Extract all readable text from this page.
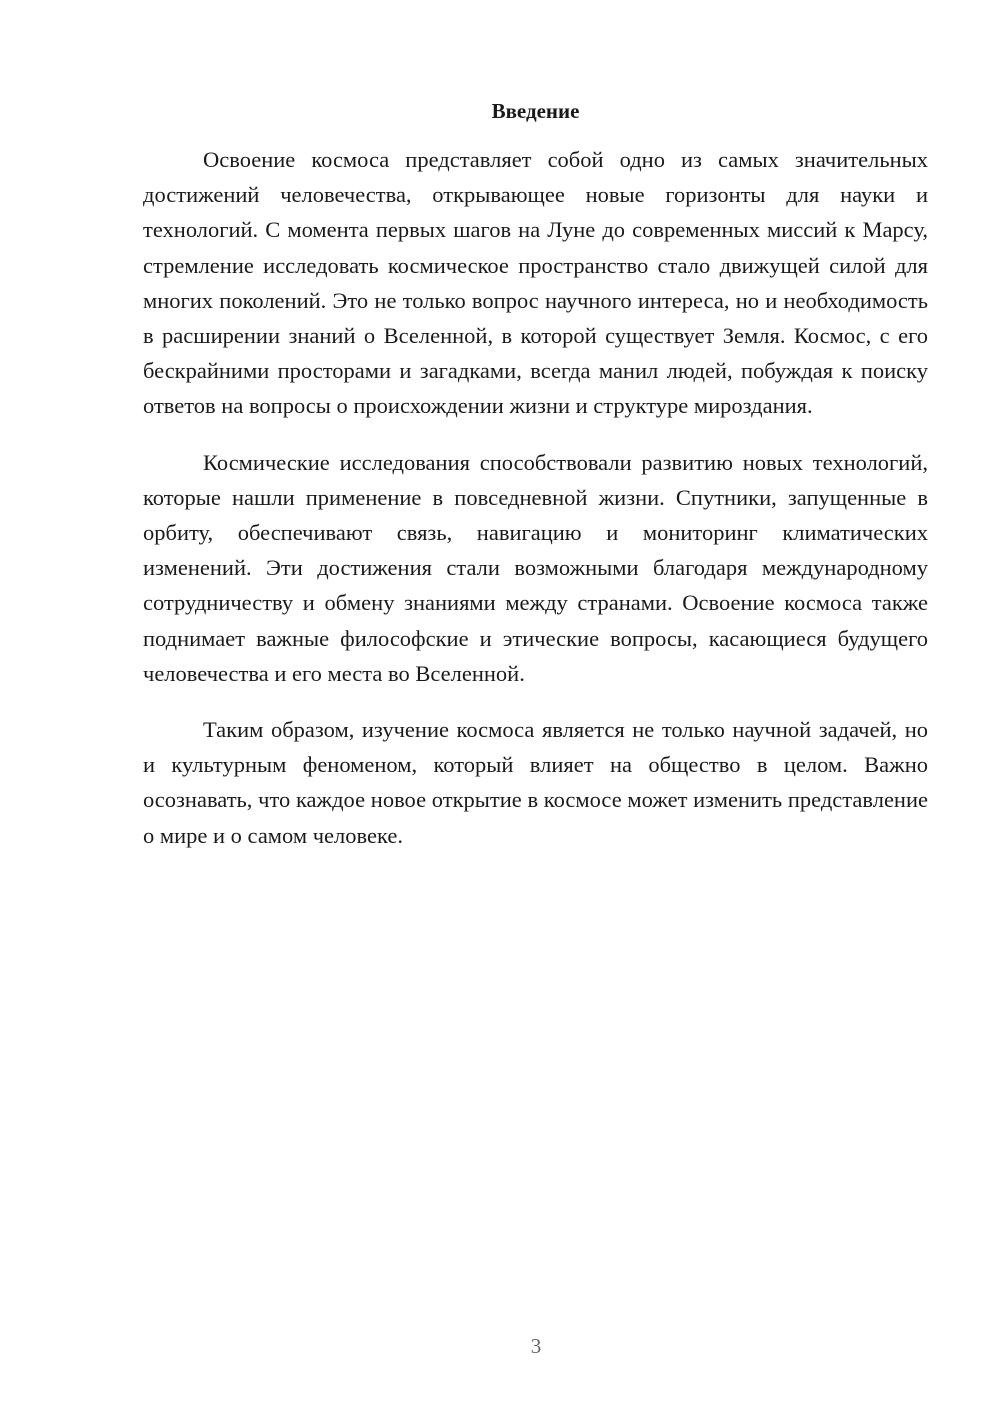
Введение

Освоение космоса представляет собой одно из самых значительных достижений человечества, открывающее новые горизонты для науки и технологий. С момента первых шагов на Луне до современных миссий к Марсу, стремление исследовать космическое пространство стало движущей силой для многих поколений. Это не только вопрос научного интереса, но и необходимость в расширении знаний о Вселенной, в которой существует Земля. Космос, с его бескрайними просторами и загадками, всегда манил людей, побуждая к поиску ответов на вопросы о происхождении жизни и структуре мироздания.

Космические исследования способствовали развитию новых технологий, которые нашли применение в повседневной жизни. Спутники, запущенные в орбиту, обеспечивают связь, навигацию и мониторинг климатических изменений. Эти достижения стали возможными благодаря международному сотрудничеству и обмену знаниями между странами. Освоение космоса также поднимает важные философские и этические вопросы, касающиеся будущего человечества и его места во Вселенной.

Таким образом, изучение космоса является не только научной задачей, но и культурным феноменом, который влияет на общество в целом. Важно осознавать, что каждое новое открытие в космосе может изменить представление о мире и о самом человеке.

3
